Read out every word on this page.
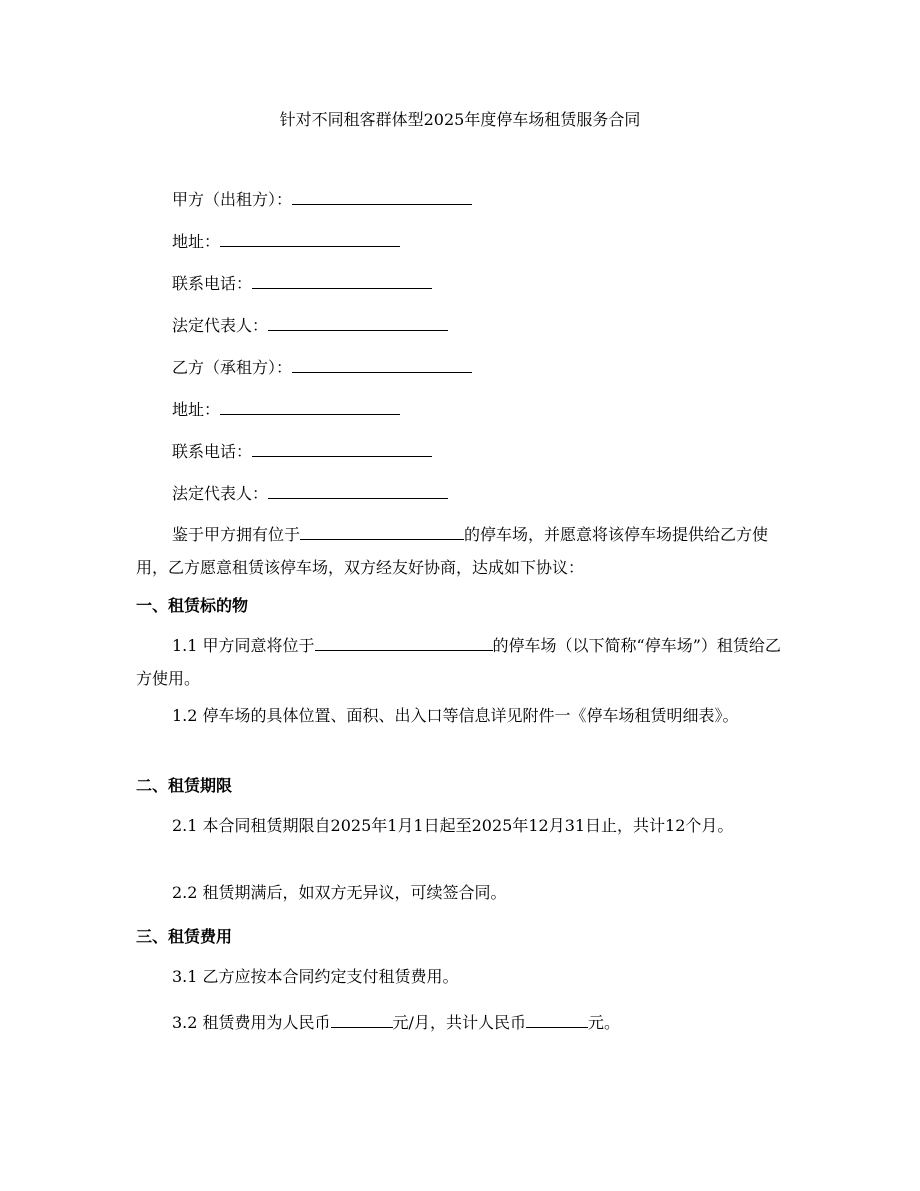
针对不同租客群体型2025年度停车场租赁服务合同
甲方（出租方）：
地址：
联系电话：
法定代表人：
乙方（承租方）：
地址：
联系电话：
法定代表人：
鉴于甲方拥有位于	的停车场，并愿意将该停车场提供给乙方使用，乙方愿意租赁该停车场，双方经友好协商，达成如下协议：
一、租赁标的物
1.1 甲方同意将位于	的停车场（以下简称“停车场”）租赁给乙方使用。
1.2 停车场的具体位置、面积、出入口等信息详见附件一《停车场租赁明细表》。
二、租赁期限
2.1 本合同租赁期限自2025年1月1日起至2025年12月31日止，共计12个月。
2.2 租赁期满后，如双方无异议，可续签合同。
三、租赁费用
3.1 乙方应按本合同约定支付租赁费用。
3.2 租赁费用为人民币	元/月，共计人民币	元。
